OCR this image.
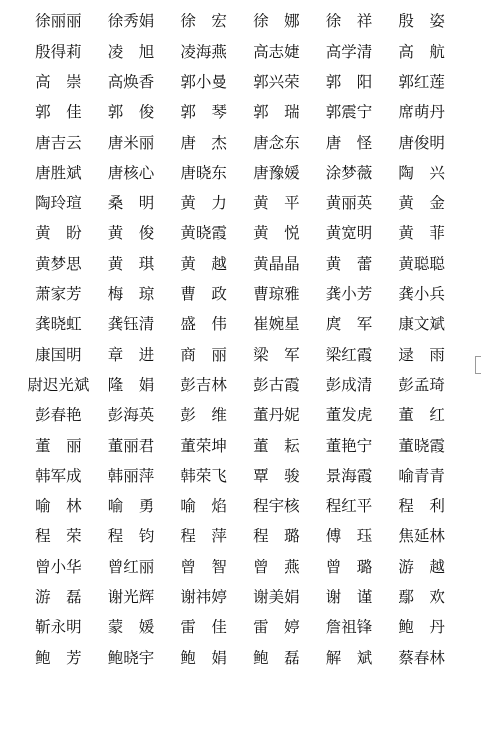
徐丽丽	徐秀娟	徐　宏	徐　娜	徐　祥	殷　姿
殷得莉	凌　旭	凌海燕	高志婕	高学清	高　航
高　崇	高焕香	郭小曼	郭兴荣	郭　阳	郭红莲
郭　佳	郭　俊	郭　琴	郭　瑞	郭震宁	席萌丹
唐吉云	唐米丽	唐　杰	唐念东	唐　怪	唐俊明
唐胜斌	唐核心	唐晓东	唐豫媛	涂梦薇	陶　兴
陶玲瑄	桑　明	黄　力	黄　平	黄丽英	黄　金
黄　盼	黄　俊	黄晓霞	黄　悦	黄宽明	黄　菲
黄梦思	黄　琪	黄　越	黄晶晶	黄　蕾	黄聪聪
萧家芳	梅　琼	曹　政	曹琼雅	龚小芳	龚小兵
龚晓虹	龚钰清	盛　伟	崔婉星	庹　军	康文斌
康国明	章　进	商　丽	梁　军	梁红霞	逯　雨
尉迟光斌	隆　娟	彭吉林	彭古霞	彭成清	彭孟琦
彭春艳	彭海英	彭　维	董丹妮	董发虎	董　红
董　丽	董丽君	董荣坤	董　耘	董艳宁	董晓霞
韩军成	韩丽萍	韩荣飞	覃　骏	景海霞	喻青青
喻　林	喻　勇	喻　焰	程宇核	程红平	程　利
程　荣	程　钧	程　萍	程　璐	傅　珏	焦延林
曾小华	曾红丽	曾　智	曾　燕	曾　璐	游　越
游　磊	谢光辉	谢祎婷	谢美娟	谢　谨	鄢　欢
靳永明	蒙　媛	雷　佳	雷　婷	詹祖锋	鲍　丹
鲍　芳	鲍晓宇	鲍　娟	鲍　磊	解　斌	蔡春林
